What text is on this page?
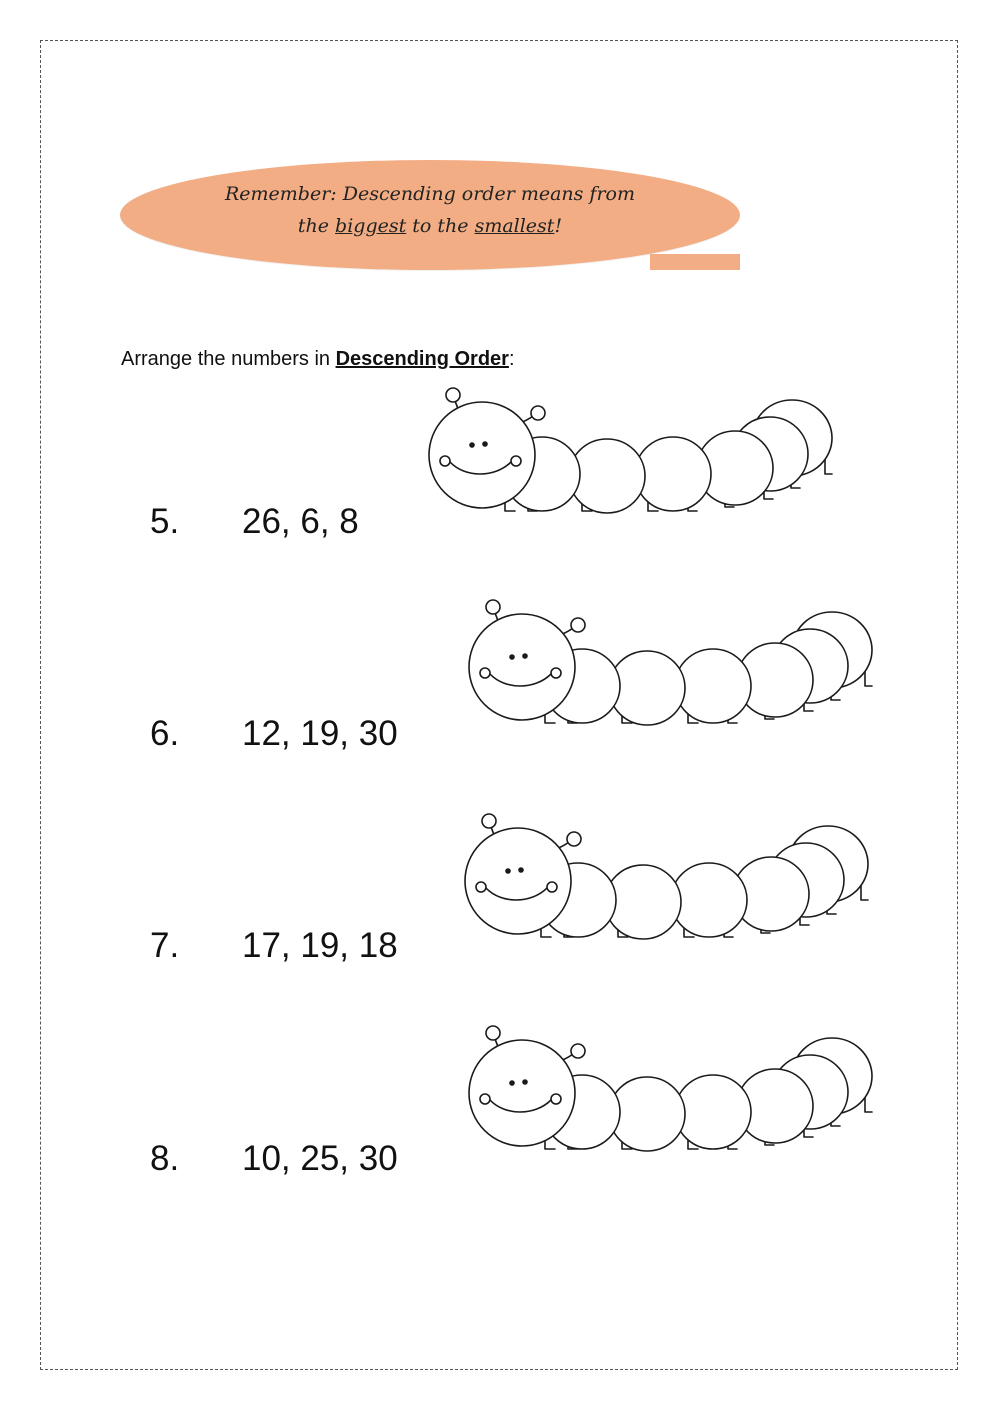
Remember: Descending order means from
the biggest to the smallest!
Arrange the numbers in Descending Order:
5. 26, 6, 8
6. 12, 19, 30
7. 17, 19, 18
8. 10, 25, 30
